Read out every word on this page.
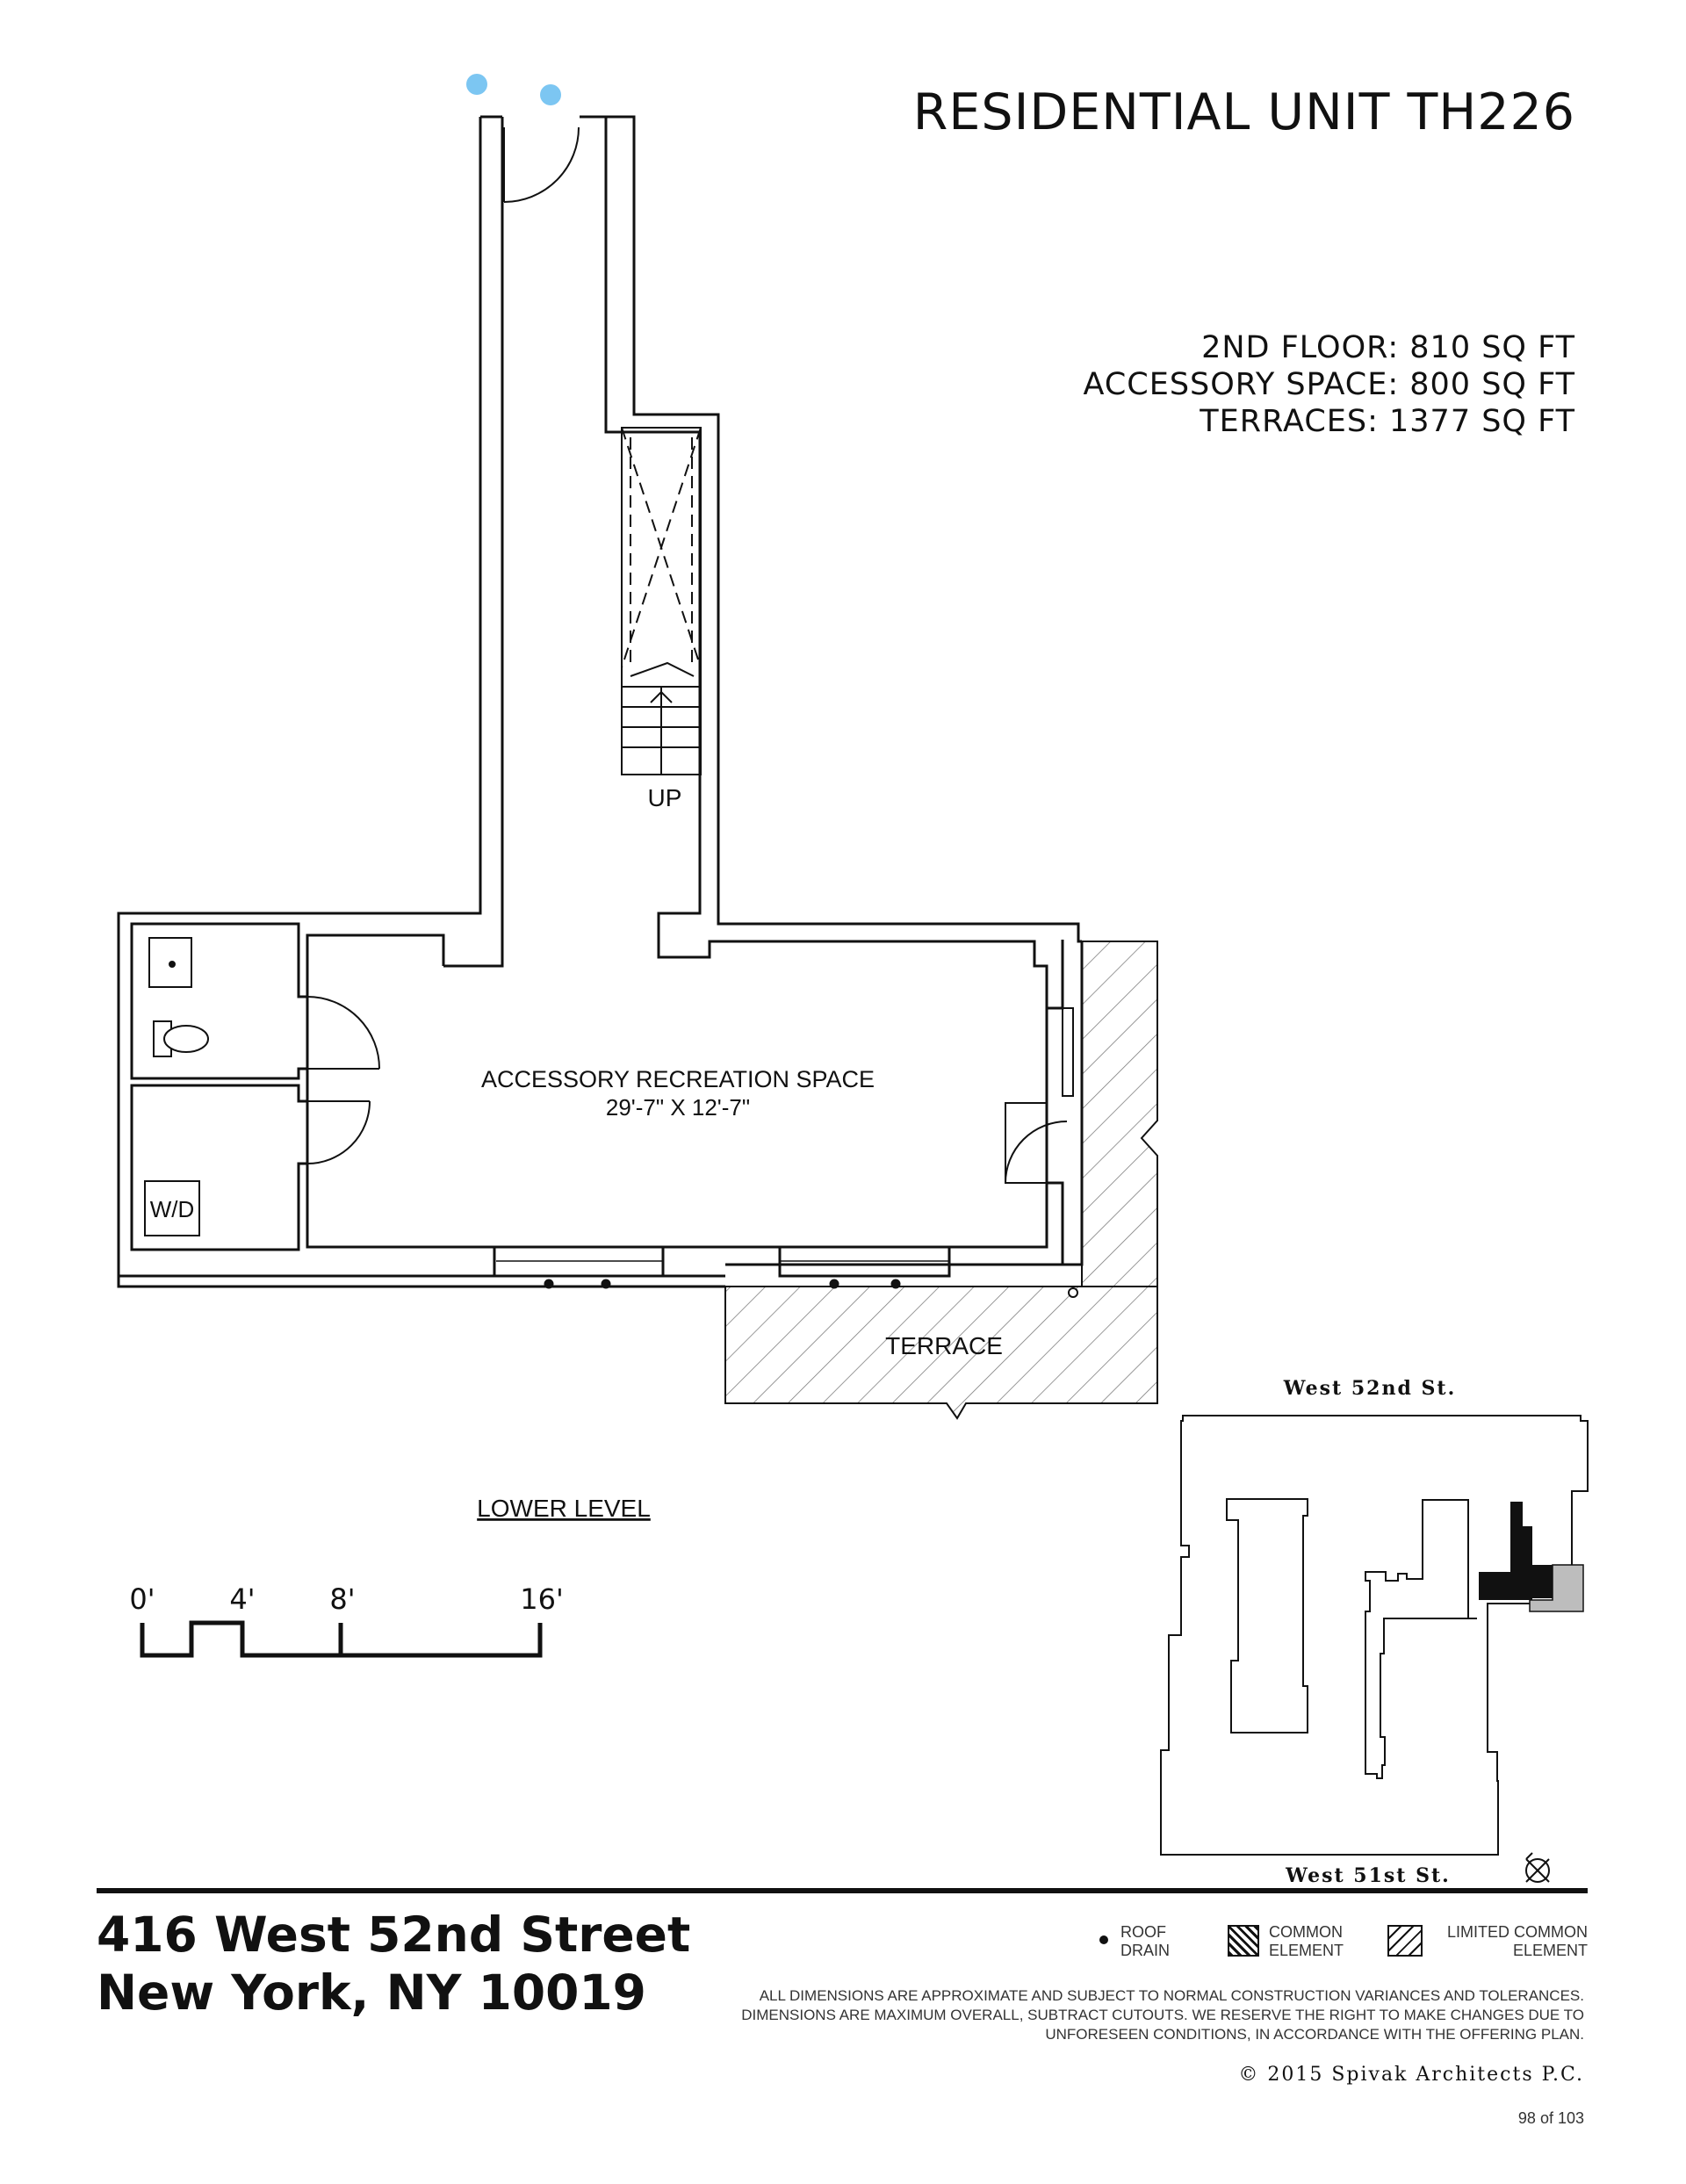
UP
ACCESSORY RECREATION SPACE
29'-7" X 12'-7"
W/D
TERRACE
LOWER LEVEL
0'	4'	8'	16'
West 52nd St.
West 51st St.
RESIDENTIAL UNIT TH226
2ND FLOOR: 810 SQ FT
ACCESSORY SPACE: 800 SQ FT
TERRACES: 1377 SQ FT
416 West 52nd Street
New York, NY 10019
ROOF DRAIN
COMMON ELEMENT
LIMITED COMMON ELEMENT
ALL DIMENSIONS ARE APPROXIMATE AND SUBJECT TO NORMAL CONSTRUCTION VARIANCES AND TOLERANCES. DIMENSIONS ARE MAXIMUM OVERALL, SUBTRACT CUTOUTS. WE RESERVE THE RIGHT TO MAKE CHANGES DUE TO UNFORESEEN CONDITIONS, IN ACCORDANCE WITH THE OFFERING PLAN.
© 2015 Spivak Architects P.C.
98 of 103
